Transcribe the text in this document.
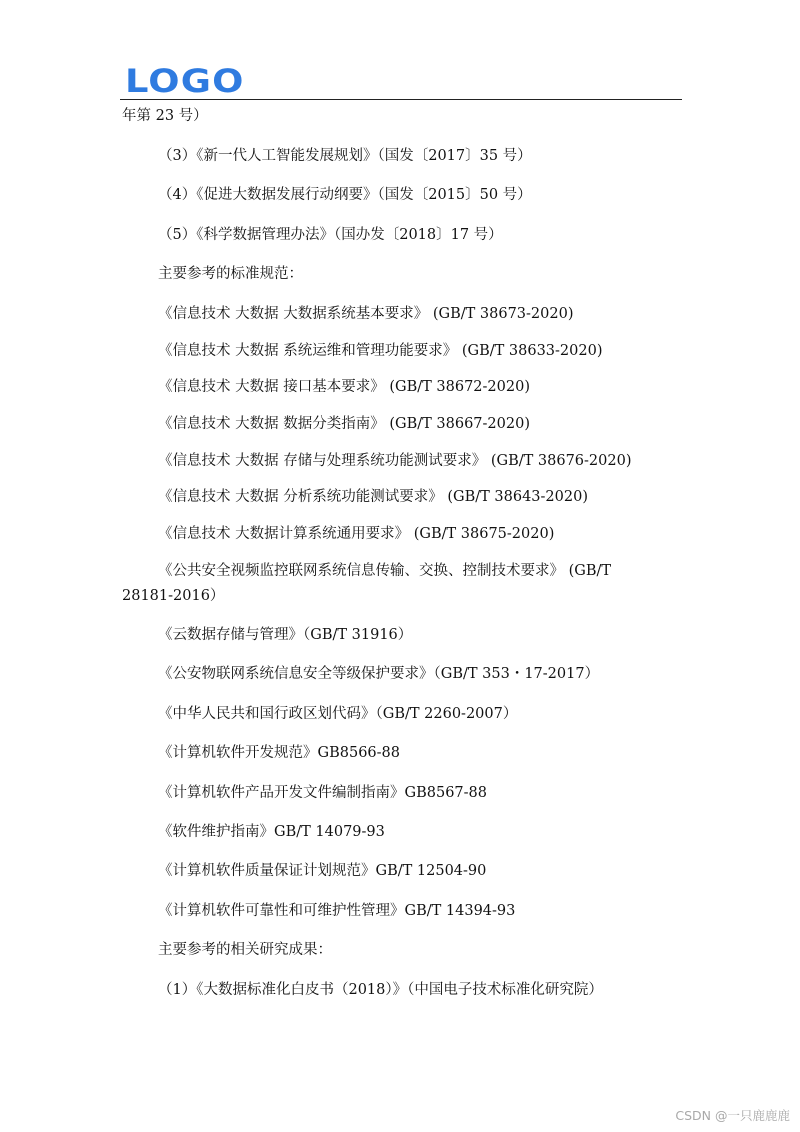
LOGO
年第 23 号）
（3）《新一代人工智能发展规划》（国发〔2017〕35 号）
（4）《促进大数据发展行动纲要》（国发〔2015〕50 号）
（5）《科学数据管理办法》（国办发〔2018〕17 号）
主要参考的标准规范：
《信息技术 大数据 大数据系统基本要求》 (GB/T 38673-2020)
《信息技术 大数据 系统运维和管理功能要求》 (GB/T 38633-2020)
《信息技术 大数据 接口基本要求》 (GB/T 38672-2020)
《信息技术 大数据 数据分类指南》 (GB/T 38667-2020)
《信息技术 大数据 存储与处理系统功能测试要求》 (GB/T 38676-2020)
《信息技术 大数据 分析系统功能测试要求》 (GB/T 38643-2020)
《信息技术 大数据计算系统通用要求》 (GB/T 38675-2020)
《公共安全视频监控联网系统信息传输、交换、控制技术要求》 (GB/T
28181-2016）
《云数据存储与管理》（GB/T 31916）
《公安物联网系统信息安全等级保护要求》（GB/T 353・17-2017）
《中华人民共和国行政区划代码》（GB/T 2260-2007）
《计算机软件开发规范》GB8566-88
《计算机软件产品开发文件编制指南》GB8567-88
《软件维护指南》GB/T 14079-93
《计算机软件质量保证计划规范》GB/T 12504-90
《计算机软件可靠性和可维护性管理》GB/T 14394-93
主要参考的相关研究成果：
（1）《大数据标准化白皮书（2018）》（中国电子技术标准化研究院）
CSDN @一只鹿鹿鹿
